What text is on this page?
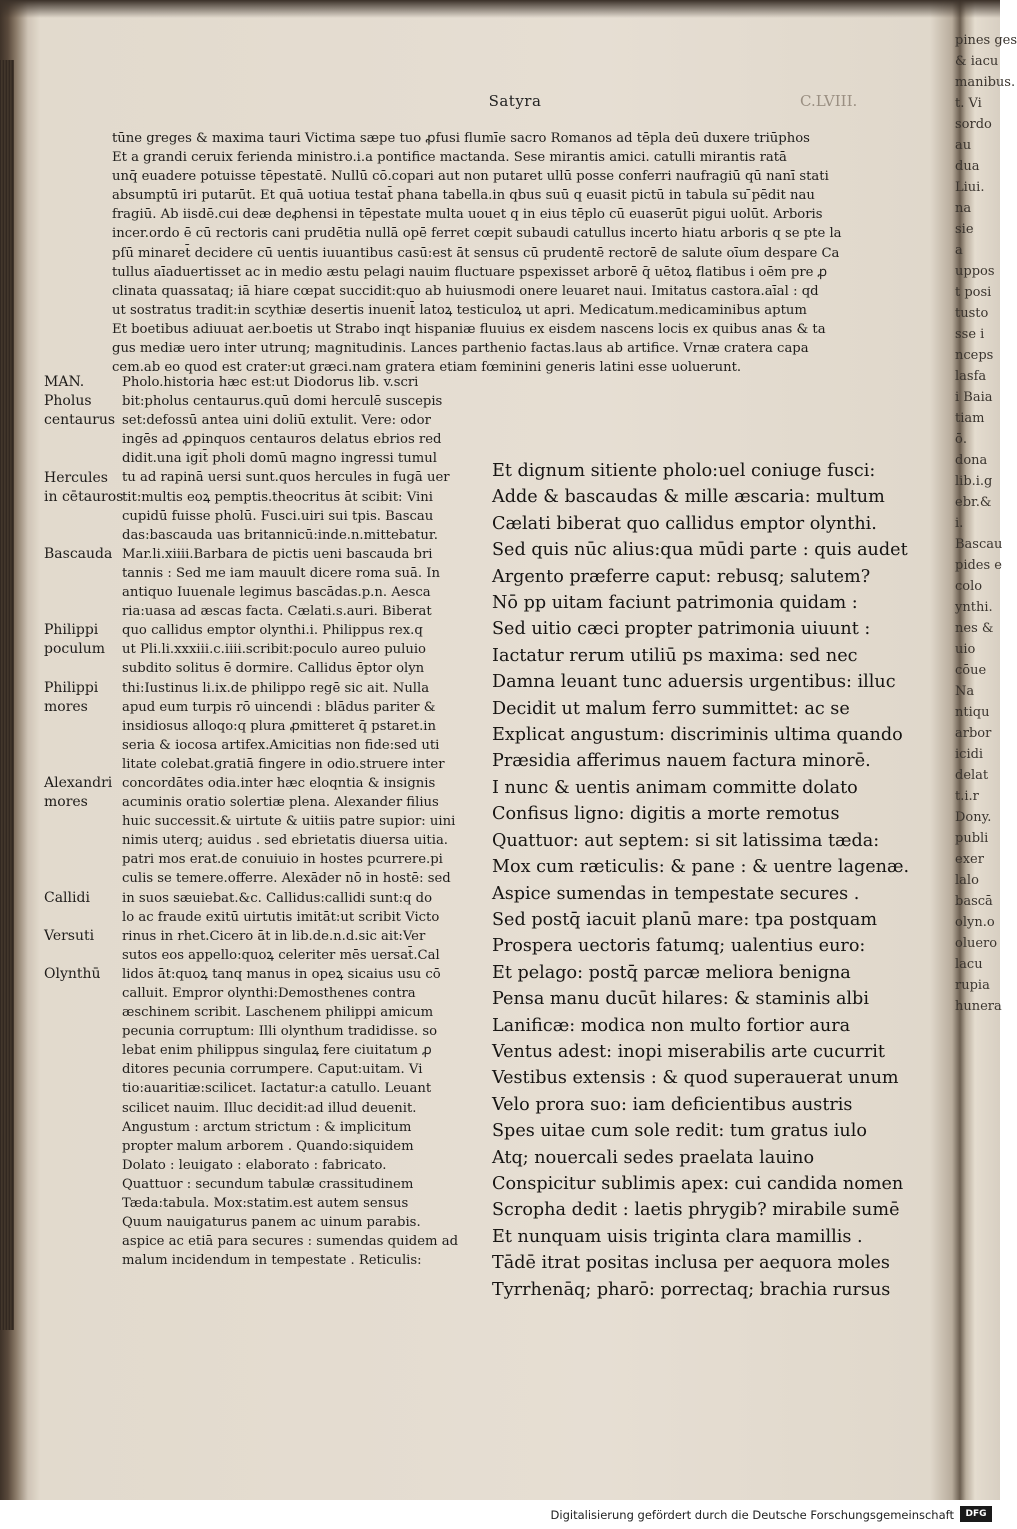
Satyra	C.LVIII.
tūne greges & maxima tauri Victima sæpe tuo ꝓfusi flumīe sacro Romanos ad tēpla deū duxere triūphos
Et a grandi ceruix ferienda ministro.i.a pontifice mactanda. Sese mirantis amici. catulli mirantis ratā
unq̄ euadere potuisse tēpestatē. Nullū cō.copari aut non putaret ullū posse conferri naufragiū qū nanī stati
absumptū iri putarūt. Et quā uotiua testat̄ phana tabella.in qbus suū q euasit pictū in tabula su ̄pēdit nau
fragiū. Ab iisdē.cui deæ deꝓhensi in tēpestate multa uouet q in eius tēplo cū euaserūt pigui uolūt. Arboris
incer.ordo ē cū rectoris cani prudētia nullā opē ferret cœpit subaudi catullus incerto hiatu arboris q se pte la
pſū minaret̄ decidere cū uentis iuuantibus casū:est āt sensus cū prudentē rectorē de salute oīum despare Ca
tullus aīaduertisset ac in medio æstu pelagi nauim fluctuare pspexisset arborē q̄ uētoꝝ flatibus i oēm pre ꝓ
clinata quassataq; iā hiare cœpat succidit:quo ab huiusmodi onere leuaret naui. Imitatus castora.aīal : qd
ut sostratus tradit:in scythiæ desertis inuenit̄ latoꝝ testiculoꝝ ut apri. Medicatum.medicaminibus aptum
Et boetibus adiuuat aer.boetis ut Strabo inqt hispaniæ fluuius ex eisdem nascens locis ex quibus anas & ta
gus mediæ uero inter utrunq; magnitudinis. Lances parthenio factas.laus ab artifice. Vrnæ cratera capa
cem.ab eo quod est crater:ut græci.nam gratera etiam fœminini generis latini esse uoluerunt.
Pholo.historia hæc est:ut Diodorus lib. v.scri
bit:pholus centaurus.quū domi herculē suscepis
set:defossū antea uini doliū extulit. Vere: odor
ingēs ad ꝓpinquos centauros delatus ebrios red
didit.una igit̄ pholi domū magno ingressi tumul
tu ad rapinā uersi sunt.quos hercules in fugā uer
tit:multis eoꝝ pemptis.theocritus āt scibit: Vini
cupidū fuisse pholū. Fusci.uiri sui tpis. Bascau
das:bascauda uas britannicū:inde.n.mittebatur.
Mar.li.xiiii.Barbara de pictis ueni bascauda bri
tannis : Sed me iam mauult dicere roma suā. In
antiquo Iuuenale legimus bascādas.p.n. Aesca
ria:uasa ad æscas facta. Cælati.s.auri. Biberat
quo callidus emptor olynthi.i. Philippus rex.q
ut Pli.li.xxxiii.c.iiii.scribit:poculo aureo puluio
subdito solitus ē dormire. Callidus ēptor olyn
thi:Iustinus li.ix.de philippo regē sic ait. Nulla
apud eum turpis rō uincendi : blādus pariter &
insidiosus alloqo:q plura ꝓmitteret q̄ pstaret.in
seria & iocosa artifex.Amicitias non fide:sed uti
litate colebat.gratiā fingere in odio.struere inter
concordātes odia.inter hæc eloqntia & insignis
acuminis oratio solertiæ plena. Alexander filius
huic successit.& uirtute & uitiis patre supior: uini
nimis uterq; auidus . sed ebrietatis diuersa uitia.
patri mos erat.de conuiuio in hostes pcurrere.pi
culis se temere.offerre. Alexāder nō in hostē: sed
in suos sæuiebat.&c. Callidus:callidi sunt:q do
lo ac fraude exitū uirtutis imitāt:ut scribit Victo
rinus in rhet.Cicero āt in lib.de.n.d.sic ait:Ver
sutos eos appello:quoꝝ celeriter mēs uersat̄.Cal
lidos āt:quoꝝ tanq manus in opeꝝ sicaius usu cō
calluit. Empror olynthi:Demosthenes contra
æschinem scribit. Laschenem philippi amicum
pecunia corruptum: Illi olynthum tradidisse. so
lebat enim philippus singulaꝝ fere ciuitatum ꝓ
ditores pecunia corrumpere. Caput:uitam. Vi
tio:auaritiæ:scilicet. Iactatur:a catullo. Leuant
scilicet nauim. Illuc decidit:ad illud deuenit.
Angustum : arctum strictum : & implicitum
propter malum arborem . Quando:siquidem
Dolato : leuigato : elaborato : fabricato.
Quattuor : secundum tabulæ crassitudinem
Tæda:tabula. Mox:statim.est autem sensus
Quum nauigaturus panem ac uinum parabis.
aspice ac etiā para secures : sumendas quidem ad
malum incidendum in tempestate . Reticulis:
Et dignum sitiente pholo:uel coniuge fusci:
Adde & bascaudas & mille æscaria: multum
Cælati biberat quo callidus emptor olynthi.
Sed quis nūc alius:qua mūdi parte : quis audet
Argento præferre caput: rebusq; salutem?
Nō pp uitam faciunt patrimonia quidam :
Sed uitio cæci propter patrimonia uiuunt :
Iactatur rerum utiliū ps maxima: sed nec
Damna leuant tunc aduersis urgentibus: illuc
Decidit ut malum ferro summittet: ac se
Explicat angustum: discriminis ultima quando
Præsidia afferimus nauem factura minorē.
I nunc & uentis animam committe dolato
Confisus ligno: digitis a morte remotus
Quattuor: aut septem: si sit latissima tæda:
Mox cum ræticulis: & pane : & uentre lagenæ.
Aspice sumendas in tempestate secures .
Sed postq̄ iacuit planū mare: tpa postquam
Prospera uectoris fatumq; ualentius euro:
Et pelago: postq̄ parcæ meliora benigna
Pensa manu ducūt hilares: & staminis albi
Lanificæ: modica non multo fortior aura
Ventus adest: inopi miserabilis arte cucurrit
Vestibus extensis : & quod superauerat unum
Velo prora suo: iam deficientibus austris
Spes uitae cum sole redit: tum gratus iulo
Atq; nouercali sedes praelata lauino
Conspicitur sublimis apex: cui candida nomen
Scropha dedit : laetis phrygib? mirabile sumē
Et nunquam uisis triginta clara mamillis .
Tādē itrat positas inclusa per aequora moles
Tyrrhenāq; pharō: porrectaq; brachia rursus
MAN.
Pholus
centaurus
Hercules
in cētauros
Bascauda
Philippi
poculum
Philippi
mores
Alexandri
mores
Callidi
Versuti
Olynthū
pines ges
& iacu
manibus.
t. Vi
sordo
au
dua
Liui.
na
sie
a
uppos
t posi
tusto
sse i
nceps
lasfa
i Baia
tiam
ō.
dona
lib.i.g
ebr.&
i.
Bascau
pides e
colo
ynthi.
nes &
uio
cōue
Na
ntiqu
arbor
icidi
delat
t.i.r
Dony.
publi
exer
lalo
bascā
olyn.o
oluero
lacu
rupia
hunera
Digitalisierung gefördert durch die Deutsche Forschungsgemeinschaft	DFG
